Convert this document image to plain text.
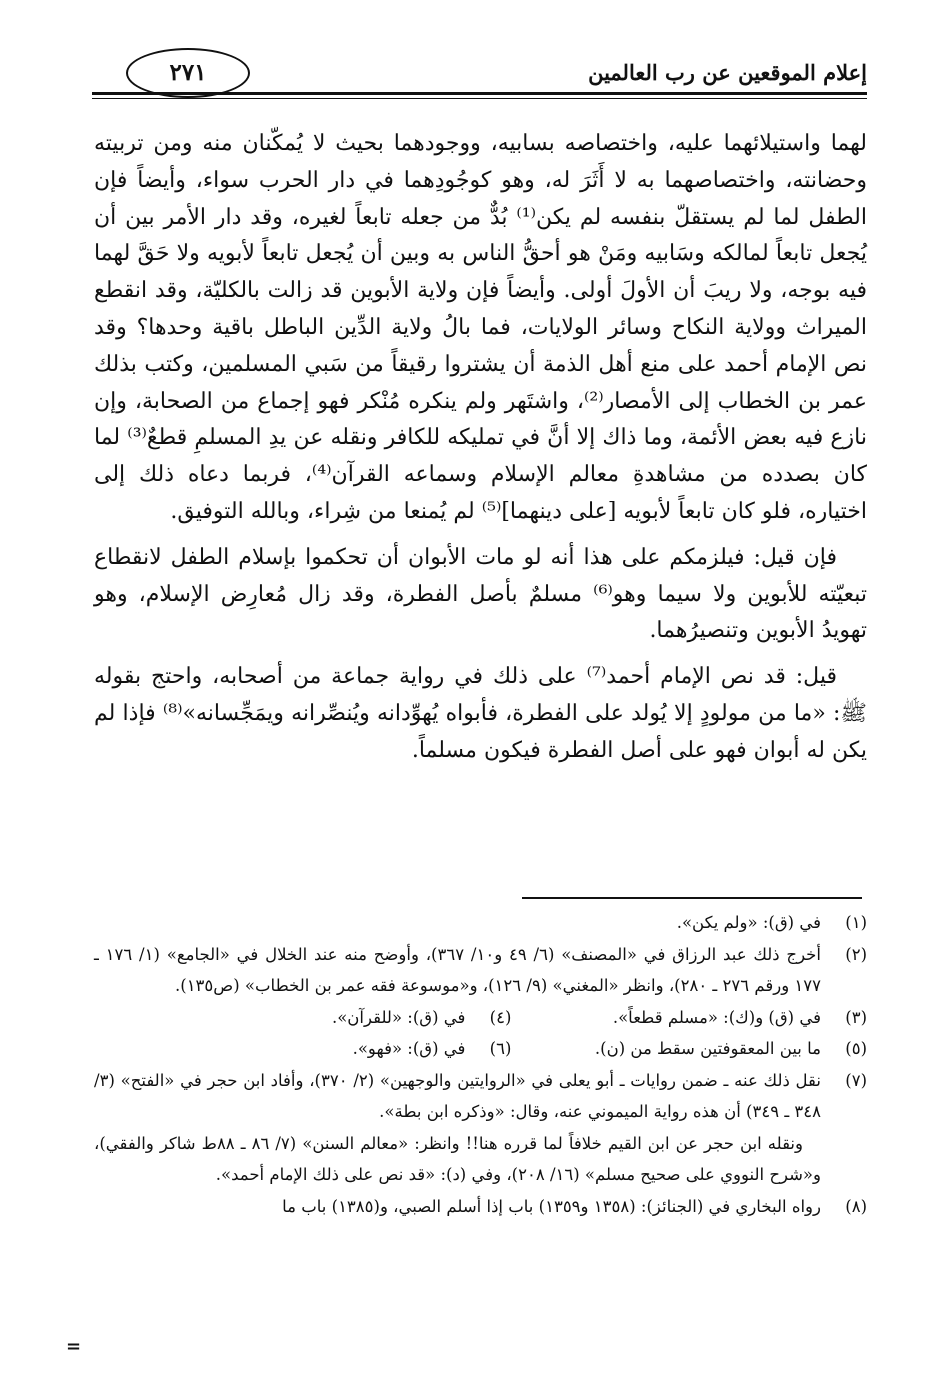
إعلام الموقعين عن رب العالمين
٢٧١

لهما واستيلائهما عليه، واختصاصه بسابيه، ووجودهما بحيث لا يُمكّنان منه ومن تربيته وحضانته، واختصاصهما به لا أَثَرَ له، وهو كوجُودِهما في دار الحرب سواء، وأيضاً فإن الطفل لما لم يستقلّ بنفسه لم يكن⁽¹⁾ بُدٌّ من جعله تابعاً لغيره، وقد دار الأمر بين أن يُجعل تابعاً لمالكه وسَابيه ومَنْ هو أحقُّ الناس به وبين أن يُجعل تابعاً لأبويه ولا حَقَّ لهما فيه بوجه، ولا ريبَ أن الأولَ أولى. وأيضاً فإن ولاية الأبوين قد زالت بالكليّة، وقد انقطع الميراث وولاية النكاح وسائر الولايات، فما بالُ ولاية الدِّين الباطل باقية وحدها؟ وقد نص الإمام أحمد على منع أهل الذمة أن يشتروا رقيقاً من سَبي المسلمين، وكتب بذلك عمر بن الخطاب إلى الأمصار⁽²⁾، واشتَهر ولم ينكره مُنْكر فهو إجماع من الصحابة، وإن نازع فيه بعض الأئمة، وما ذاك إلا أنَّ في تمليكه للكافر ونقله عن يدِ المسلمِ قطعٌ⁽³⁾ لما كان بصدده من مشاهدةِ معالم الإسلام وسماعه القرآن⁽⁴⁾، فربما دعاه ذلك إلى اختياره، فلو كان تابعاً لأبويه [على دينهما]⁽⁵⁾ لم يُمنعا من شِراء، وبالله التوفيق.

فإن قيل: فيلزمكم على هذا أنه لو مات الأبوان أن تحكموا بإسلام الطفل لانقطاع تبعيّته للأبوين ولا سيما وهو⁽⁶⁾ مسلمٌ بأصل الفطرة، وقد زال مُعارِض الإسلام، وهو تهويدُ الأبوين وتنصيرُهما.

قيل: قد نص الإمام أحمد⁽⁷⁾ على ذلك في رواية جماعة من أصحابه، واحتج بقوله ﷺ: «ما من مولودٍ إلا يُولد على الفطرة، فأبواه يُهوِّدانه ويُنصِّرانه ويمَجِّسانه»⁽⁸⁾ فإذا لم يكن له أبوان فهو على أصل الفطرة فيكون مسلماً.

(١)
في (ق): «ولم يكن».
(٢)
أخرج ذلك عبد الرزاق في «المصنف» (٦/ ٤٩ و١٠/ ٣٦٧)، وأوضح منه عند الخلال في «الجامع» (١/ ١٧٦ ـ ١٧٧ ورقم ٢٧٦ ـ ٢٨٠)، وانظر «المغني» (٩/ ١٢٦)، و«موسوعة فقه عمر بن الخطاب» (ص١٣٥).
(٣)
في (ق) و(ك): «مسلم قطعاً».
(٤)
في (ق): «للقرآن».
(٥)
ما بين المعقوفتين سقط من (ن).
(٦)
في (ق): «فهو».
(٧)
نقل ذلك عنه ـ ضمن روايات ـ أبو يعلى في «الروايتين والوجهين» (٢/ ٣٧٠)، وأفاد ابن حجر في «الفتح» (٣/ ٣٤٨ ـ ٣٤٩) أن هذه رواية الميموني عنه، وقال: «وذكره ابن بطة».
ونقله ابن حجر عن ابن القيم خلافاً لما قرره هنا!! وانظر: «معالم السنن» (٧/ ٨٦ ـ ٨٨ط شاكر والفقي)، و«شرح النووي على صحيح مسلم» (١٦/ ٢٠٨)، وفي (د): «قد نص على ذلك الإمام أحمد».
(٨)
رواه البخاري في (الجنائز): (١٣٥٨ و١٣٥٩) باب إذا أسلم الصبي، و(١٣٨٥) باب ما
=
